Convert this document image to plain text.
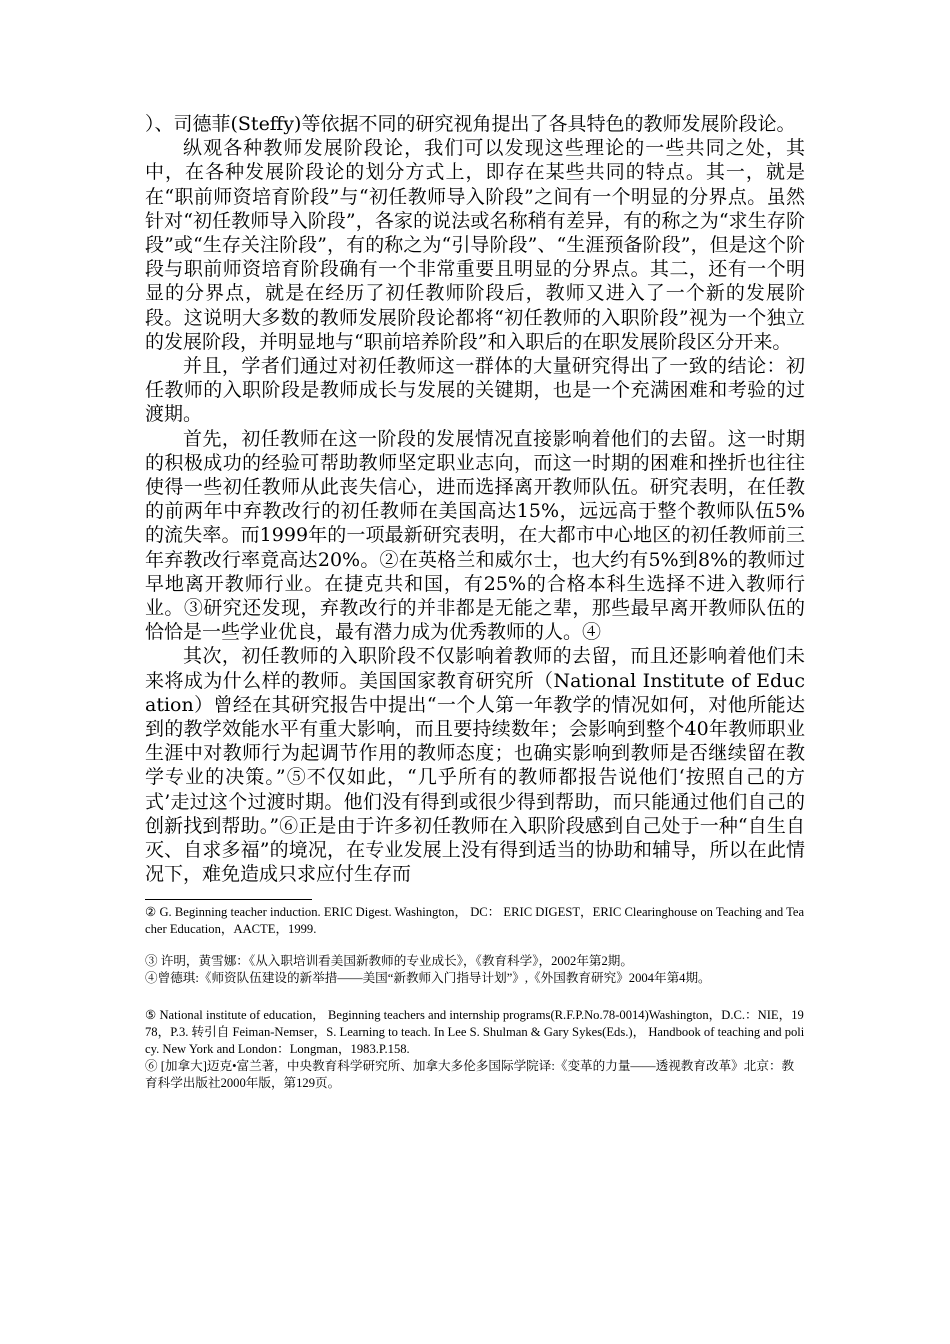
）、司德菲(Steffy)等依据不同的研究视角提出了各具特色的教师发展阶段论。

纵观各种教师发展阶段论，我们可以发现这些理论的一些共同之处，其中，在各种发展阶段论的划分方式上，即存在某些共同的特点。其一，就是在“职前师资培育阶段”与“初任教师导入阶段”之间有一个明显的分界点。虽然针对“初任教师导入阶段”，各家的说法或名称稍有差异，有的称之为“求生存阶段”或“生存关注阶段”，有的称之为“引导阶段”、“生涯预备阶段”，但是这个阶段与职前师资培育阶段确有一个非常重要且明显的分界点。其二，还有一个明显的分界点，就是在经历了初任教师阶段后，教师又进入了一个新的发展阶段。这说明大多数的教师发展阶段论都将“初任教师的入职阶段”视为一个独立的发展阶段，并明显地与“职前培养阶段”和入职后的在职发展阶段区分开来。

并且，学者们通过对初任教师这一群体的大量研究得出了一致的结论：初任教师的入职阶段是教师成长与发展的关键期，也是一个充满困难和考验的过渡期。

首先，初任教师在这一阶段的发展情况直接影响着他们的去留。这一时期的积极成功的经验可帮助教师坚定职业志向，而这一时期的困难和挫折也往往使得一些初任教师从此丧失信心，进而选择离开教师队伍。研究表明，在任教的前两年中弃教改行的初任教师在美国高达15%，远远高于整个教师队伍5%的流失率。而1999年的一项最新研究表明，在大都市中心地区的初任教师前三年弃教改行率竟高达20%。②在英格兰和威尔士，也大约有5%到8%的教师过早地离开教师行业。在捷克共和国，有25%的合格本科生选择不进入教师行业。③研究还发现，弃教改行的并非都是无能之辈，那些最早离开教师队伍的恰恰是一些学业优良，最有潜力成为优秀教师的人。④

其次，初任教师的入职阶段不仅影响着教师的去留，而且还影响着他们未来将成为什么样的教师。美国国家教育研究所（National Institute of Education）曾经在其研究报告中提出“一个人第一年教学的情况如何，对他所能达到的教学效能水平有重大影响，而且要持续数年；会影响到整个40年教师职业生涯中对教师行为起调节作用的教师态度；也确实影响到教师是否继续留在教学专业的决策。”⑤不仅如此，“几乎所有的教师都报告说他们‘按照自己的方式’走过这个过渡时期。他们没有得到或很少得到帮助，而只能通过他们自己的创新找到帮助。”⑥正是由于许多初任教师在入职阶段感到自己处于一种“自生自灭、自求多福”的境况，在专业发展上没有得到适当的协助和辅导，所以在此情况下，难免造成只求应付生存而

② G. Beginning teacher induction. ERIC Digest. Washington， DC： ERIC DIGEST，ERIC Clearinghouse on Teaching and Teacher Education，AACTE，1999.

③ 许明，黄雪娜：《从入职培训看美国新教师的专业成长》，《教育科学》，2002年第2期。

④曾德琪:《师资队伍建设的新举措——美国“新教师入门指导计划”》,《外国教育研究》2004年第4期。

⑤ National institute of education， Beginning teachers and internship programs(R.F.P.No.78-0014)Washington，D.C.：NIE，1978，P.3. 转引自 Feiman-Nemser，S. Learning to teach. In Lee S. Shulman & Gary Sykes(Eds.)， Handbook of teaching and policy. New York and London：Longman，1983.P.158.

⑥ [加拿大]迈克•富兰著，中央教育科学研究所、加拿大多伦多国际学院译:《变革的力量——透视教育改革》北京：教育科学出版社2000年版，第129页。
